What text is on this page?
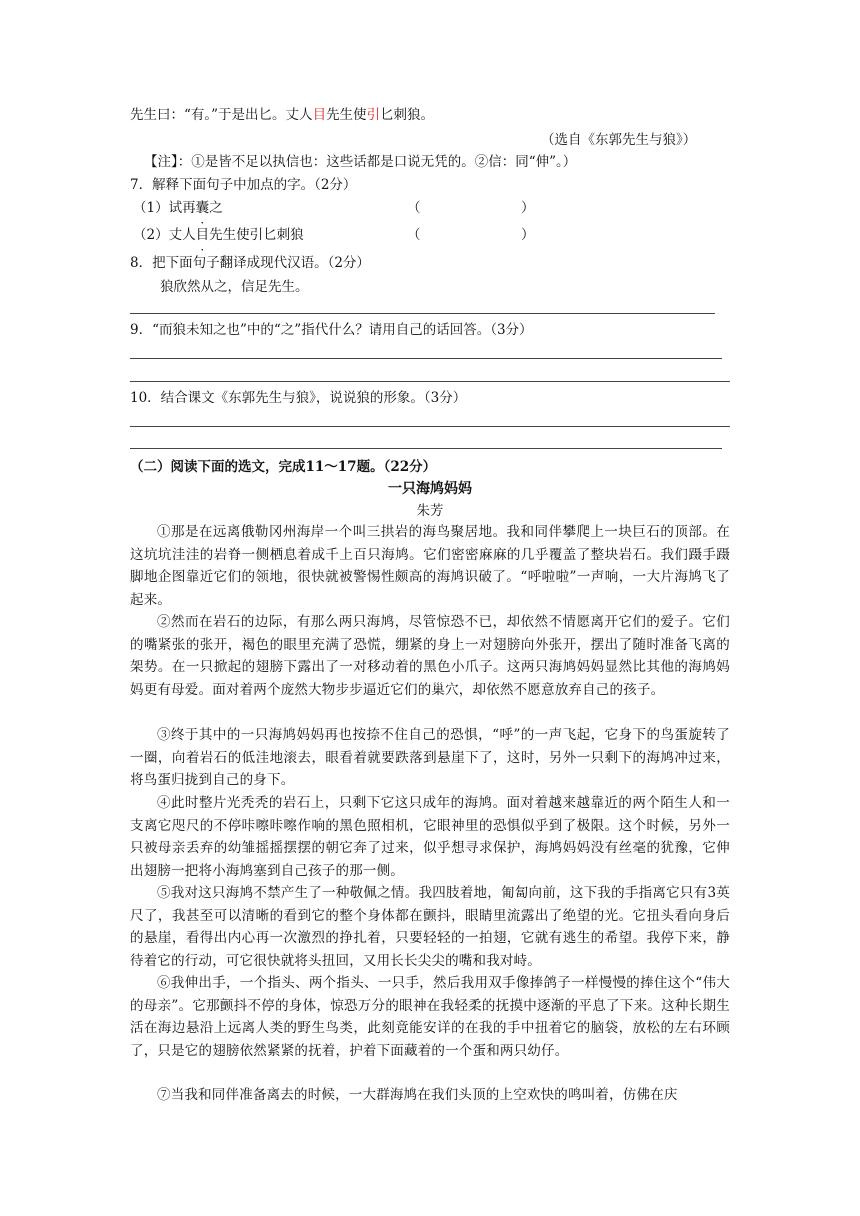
先生曰：“有。”于是出匕。丈人目先生使引匕刺狼。
（选自《东郭先生与狼》）
【注】：①是皆不足以执信也：这些话都是口说无凭的。②信：同“伸”。）
7．解释下面句子中加点的字。（2分）
（1）试再囊之	（	）
（2）丈人目先生使引匕刺狼	（	）
8．把下面句子翻译成现代汉语。（2分）
狼欣然从之，信足先生。
9．“而狼未知之也”中的“之”指代什么？请用自己的话回答。（3分）
10．结合课文《东郭先生与狼》，说说狼的形象。（3分）
（二）阅读下面的选文，完成11～17题。（22分）
一只海鸠妈妈
朱芳
①那是在远离俄勒冈州海岸一个叫三拱岩的海鸟聚居地。我和同伴攀爬上一块巨石的顶部。在这坑坑洼洼的岩脊一侧栖息着成千上百只海鸠。它们密密麻麻的几乎覆盖了整块岩石。我们蹑手蹑脚地企图靠近它们的领地，很快就被警惕性颇高的海鸠识破了。“呼啦啦”一声响，一大片海鸠飞了起来。
②然而在岩石的边际，有那么两只海鸠，尽管惊恐不已，却依然不情愿离开它们的爱子。它们的嘴紧张的张开，褐色的眼里充满了恐慌，绷紧的身上一对翅膀向外张开，摆出了随时准备飞离的架势。在一只掀起的翅膀下露出了一对移动着的黑色小爪子。这两只海鸠妈妈显然比其他的海鸠妈妈更有母爱。面对着两个庞然大物步步逼近它们的巢穴，却依然不愿意放弃自己的孩子。
③终于其中的一只海鸠妈妈再也按捺不住自己的恐惧，“呼”的一声飞起，它身下的鸟蛋旋转了一圈，向着岩石的低洼地滚去，眼看着就要跌落到悬崖下了，这时，另外一只剩下的海鸠冲过来，将鸟蛋归拢到自己的身下。
④此时整片光秃秃的岩石上，只剩下它这只成年的海鸠。面对着越来越靠近的两个陌生人和一支离它咫尺的不停咔嚓咔嚓作响的黑色照相机，它眼神里的恐惧似乎到了极限。这个时候，另外一只被母亲丢弃的幼雏摇摇摆摆的朝它奔了过来，似乎想寻求保护，海鸠妈妈没有丝毫的犹豫，它伸出翅膀一把将小海鸠塞到自己孩子的那一侧。
⑤我对这只海鸠不禁产生了一种敬佩之情。我四肢着地，匍匐向前，这下我的手指离它只有3英尺了，我甚至可以清晰的看到它的整个身体都在颤抖，眼睛里流露出了绝望的光。它扭头看向身后的悬崖，看得出内心再一次激烈的挣扎着，只要轻轻的一拍翅，它就有逃生的希望。我停下来，静待着它的行动，可它很快就将头扭回，又用长长尖尖的嘴和我对峙。
⑥我伸出手，一个指头、两个指头、一只手，然后我用双手像捧鸽子一样慢慢的捧住这个“伟大的母亲”。它那颤抖不停的身体，惊恐万分的眼神在我轻柔的抚摸中逐渐的平息了下来。这种长期生活在海边悬沿上远离人类的野生鸟类，此刻竟能安详的在我的手中扭着它的脑袋，放松的左右环顾了，只是它的翅膀依然紧紧的抚着，护着下面藏着的一个蛋和两只幼仔。
⑦当我和同伴准备离去的时候，一大群海鸠在我们头顶的上空欢快的鸣叫着，仿佛在庆
